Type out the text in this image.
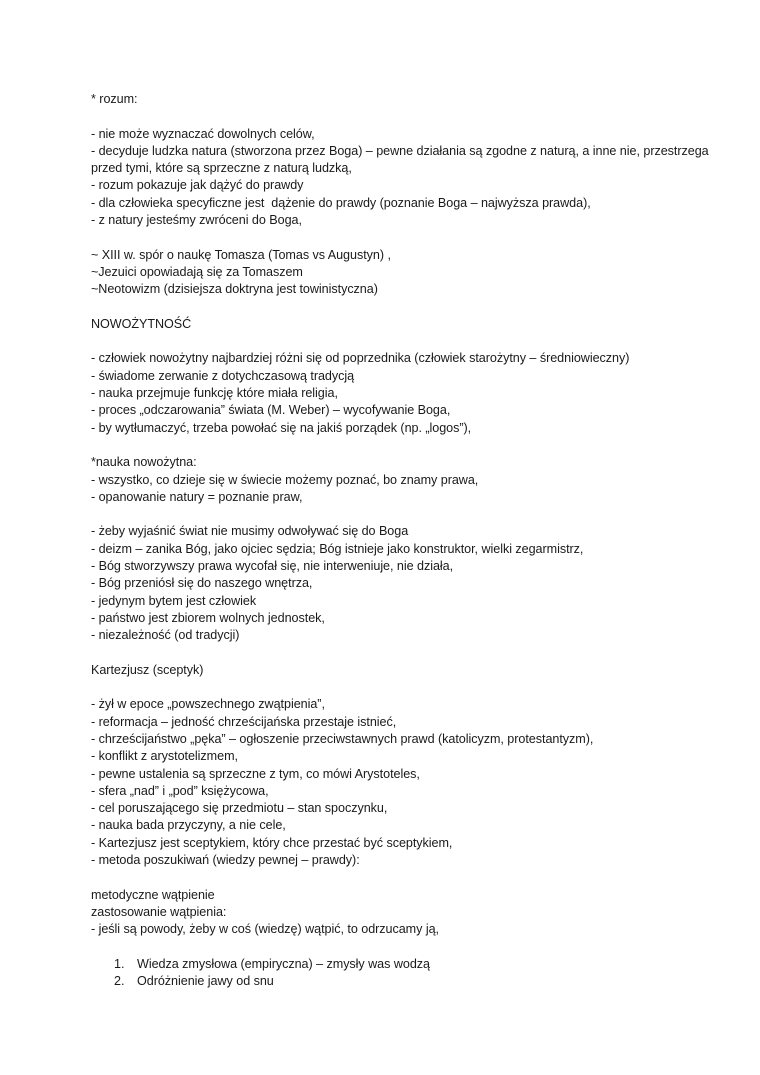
* rozum:
- nie może wyznaczać dowolnych celów,
- decyduje ludzka natura (stworzona przez Boga) – pewne działania są zgodne z naturą, a inne nie, przestrzega przed tymi, które są sprzeczne z naturą ludzką,
- rozum pokazuje jak dążyć do prawdy
- dla człowieka specyficzne jest  dążenie do prawdy (poznanie Boga – najwyższa prawda),
- z natury jesteśmy zwróceni do Boga,
~ XIII w. spór o naukę Tomasza (Tomas vs Augustyn) ,
~Jezuici opowiadają się za Tomaszem
~Neotowizm (dzisiejsza doktryna jest towinistyczna)
NOWOŻYTNOŚĆ
- człowiek nowożytny najbardziej różni się od poprzednika (człowiek starożytny – średniowieczny)
- świadome zerwanie z dotychczasową tradycją
- nauka przejmuje funkcję które miała religia,
- proces „odczarowania” świata (M. Weber) – wycofywanie Boga,
- by wytłumaczyć, trzeba powołać się na jakiś porządek (np. „logos”),
*nauka nowożytna:
- wszystko, co dzieje się w świecie możemy poznać, bo znamy prawa,
- opanowanie natury = poznanie praw,
- żeby wyjaśnić świat nie musimy odwoływać się do Boga
- deizm – zanika Bóg, jako ojciec sędzia; Bóg istnieje jako konstruktor, wielki zegarmistrz,
- Bóg stworzywszy prawa wycofał się, nie interweniuje, nie działa,
- Bóg przeniósł się do naszego wnętrza,
- jedynym bytem jest człowiek
- państwo jest zbiorem wolnych jednostek,
- niezależność (od tradycji)
Kartezjusz (sceptyk)
- żył w epoce „powszechnego zwątpienia”,
- reformacja – jedność chrześcijańska przestaje istnieć,
- chrześcijaństwo „pęka” – ogłoszenie przeciwstawnych prawd (katolicyzm, protestantyzm),
- konflikt z arystotelizmem,
- pewne ustalenia są sprzeczne z tym, co mówi Arystoteles,
- sfera „nad” i „pod” księżycowa,
- cel poruszającego się przedmiotu – stan spoczynku,
- nauka bada przyczyny, a nie cele,
- Kartezjusz jest sceptykiem, który chce przestać być sceptykiem,
- metoda poszukiwań (wiedzy pewnej – prawdy):
metodyczne wątpienie
zastosowanie wątpienia:
- jeśli są powody, żeby w coś (wiedzę) wątpić, to odrzucamy ją,
1. Wiedza zmysłowa (empiryczna) – zmysły was wodzą
2. Odróżnienie jawy od snu
